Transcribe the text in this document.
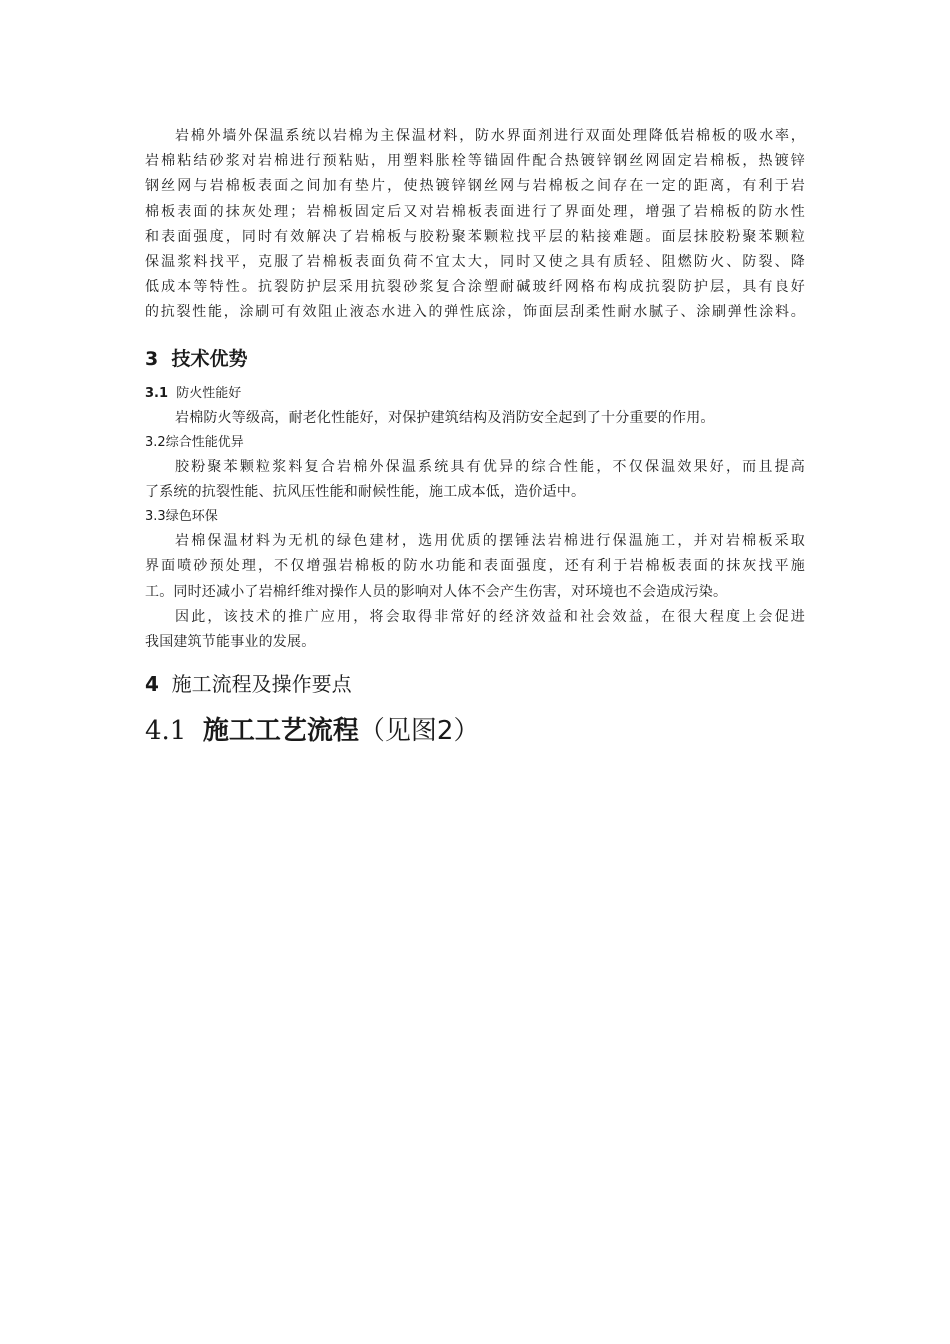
岩棉外墙外保温系统以岩棉为主保温材料，防水界面剂进行双面处理降低岩棉板的吸水率，
岩棉粘结砂浆对岩棉进行预粘贴，用塑料胀栓等锚固件配合热镀锌钢丝网固定岩棉板，热镀锌
钢丝网与岩棉板表面之间加有垫片，使热镀锌钢丝网与岩棉板之间存在一定的距离，有利于岩
棉板表面的抹灰处理；岩棉板固定后又对岩棉板表面进行了界面处理，增强了岩棉板的防水性
和表面强度，同时有效解决了岩棉板与胶粉聚苯颗粒找平层的粘接难题。面层抹胶粉聚苯颗粒
保温浆料找平，克服了岩棉板表面负荷不宜太大，同时又使之具有质轻、阻燃防火、防裂、降
低成本等特性。抗裂防护层采用抗裂砂浆复合涂塑耐碱玻纤网格布构成抗裂防护层，具有良好
的抗裂性能，涂刷可有效阻止液态水进入的弹性底涂，饰面层刮柔性耐水腻子、涂刷弹性涂料。

3 技术优势
3.1 防火性能好

岩棉防火等级高，耐老化性能好，对保护建筑结构及消防安全起到了十分重要的作用。

3.2综合性能优异

胶粉聚苯颗粒浆料复合岩棉外保温系统具有优异的综合性能，不仅保温效果好，而且提高
了系统的抗裂性能、抗风压性能和耐候性能，施工成本低，造价适中。

3.3绿色环保

岩棉保温材料为无机的绿色建材，选用优质的摆锤法岩棉进行保温施工，并对岩棉板采取
界面喷砂预处理，不仅增强岩棉板的防水功能和表面强度，还有利于岩棉板表面的抹灰找平施
工。同时还减小了岩棉纤维对操作人员的影响对人体不会产生伤害，对环境也不会造成污染。

因此，该技术的推广应用，将会取得非常好的经济效益和社会效益，在很大程度上会促进
我国建筑节能事业的发展。

4 施工流程及操作要点
4.1 施工工艺流程（见图2）
